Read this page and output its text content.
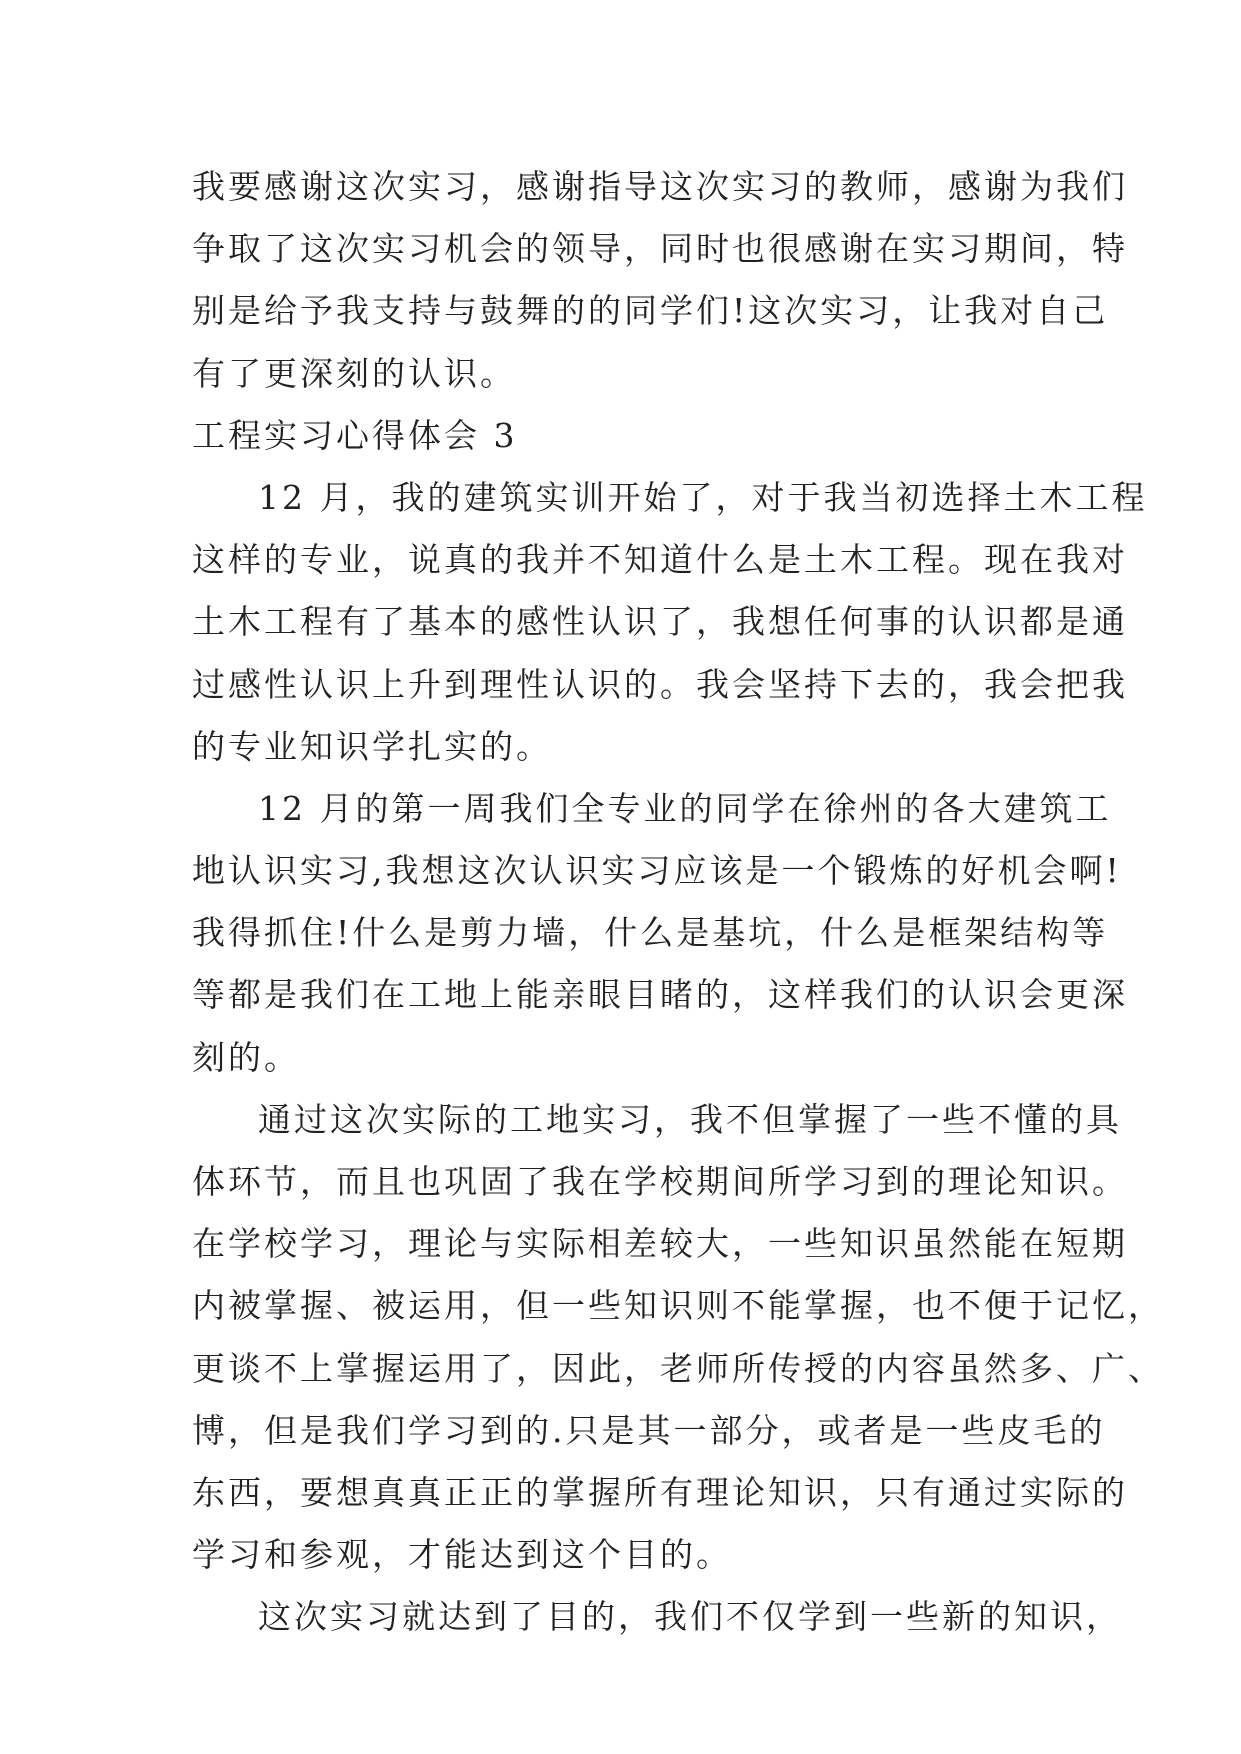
我要感谢这次实习，感谢指导这次实习的教师，感谢为我们
争取了这次实习机会的领导，同时也很感谢在实习期间，特
别是给予我支持与鼓舞的的同学们!这次实习，让我对自己
有了更深刻的认识。
工程实习心得体会 3
12 月，我的建筑实训开始了，对于我当初选择土木工程
这样的专业，说真的我并不知道什么是土木工程。现在我对
土木工程有了基本的感性认识了，我想任何事的认识都是通
过感性认识上升到理性认识的。我会坚持下去的，我会把我
的专业知识学扎实的。
12 月的第一周我们全专业的同学在徐州的各大建筑工
地认识实习,我想这次认识实习应该是一个锻炼的好机会啊!
我得抓住!什么是剪力墙，什么是基坑，什么是框架结构等
等都是我们在工地上能亲眼目睹的，这样我们的认识会更深
刻的。
通过这次实际的工地实习，我不但掌握了一些不懂的具
体环节，而且也巩固了我在学校期间所学习到的理论知识。
在学校学习，理论与实际相差较大，一些知识虽然能在短期
内被掌握、被运用，但一些知识则不能掌握，也不便于记忆，
更谈不上掌握运用了，因此，老师所传授的内容虽然多、广、
博，但是我们学习到的.只是其一部分，或者是一些皮毛的
东西，要想真真正正的掌握所有理论知识，只有通过实际的
学习和参观，才能达到这个目的。
这次实习就达到了目的，我们不仅学到一些新的知识，
